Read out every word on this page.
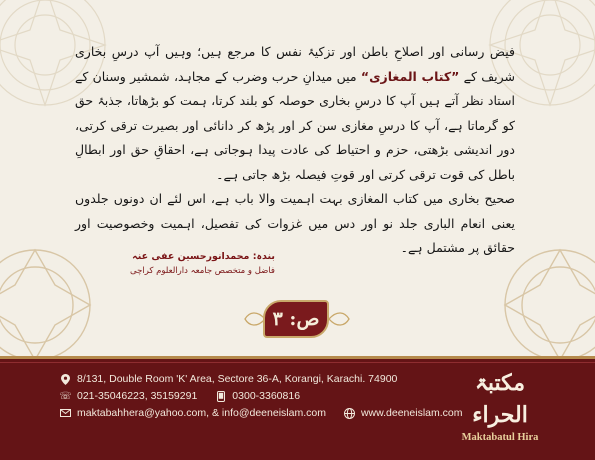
فیض رسانی اور اصلاحِ باطن اور تزکیۂ نفس کا مرجع ہیں؛ وہیں آپ درسِ بخاری شریف کے ”کتاب المغازی“ میں میدانِ حرب وضرب کے مجاہد، شمشیر وسنان کے استاد نظر آتے ہیں آپ کا درسِ بخاری حوصلہ کو بلند کرتا، ہمت کو بڑھاتا، جذبۂ حق کو گرماتا ہے، آپ کا درسِ مغازی سن کر اور پڑھ کر دانائی اور بصیرت ترقی کرتی، دور اندیشی بڑھتی، حزم و احتیاط کی عادت پیدا ہوجاتی ہے، احقاقِ حق اور ابطالِ باطل کی قوت ترقی کرتی اور قوتِ فیصلہ بڑھ جاتی ہے۔

صحیح بخاری میں کتاب المغازی بہت اہمیت والا باب ہے، اس لئے ان دونوں جلدوں یعنی انعام الباری جلد نو اور دس میں غزوات کی تفصیل، اہمیت وخصوصیت اور حقائق پر مشتمل ہے۔

بندہ: محمدانورحسین عفی عنہ
فاضل و متخصص جامعہ دارالعلوم کراچی
ص: ۳
8/131, Double Room 'K' Area, Sectore 36-A, Korangi, Karachi. 74900
☏ 021-35046223, 35159291	0300-3360816
maktabahhera@yahoo.com, & info@deeneislam.com	www.deeneislam.com
مکتبۃ الحراء
Maktabatul Hira
